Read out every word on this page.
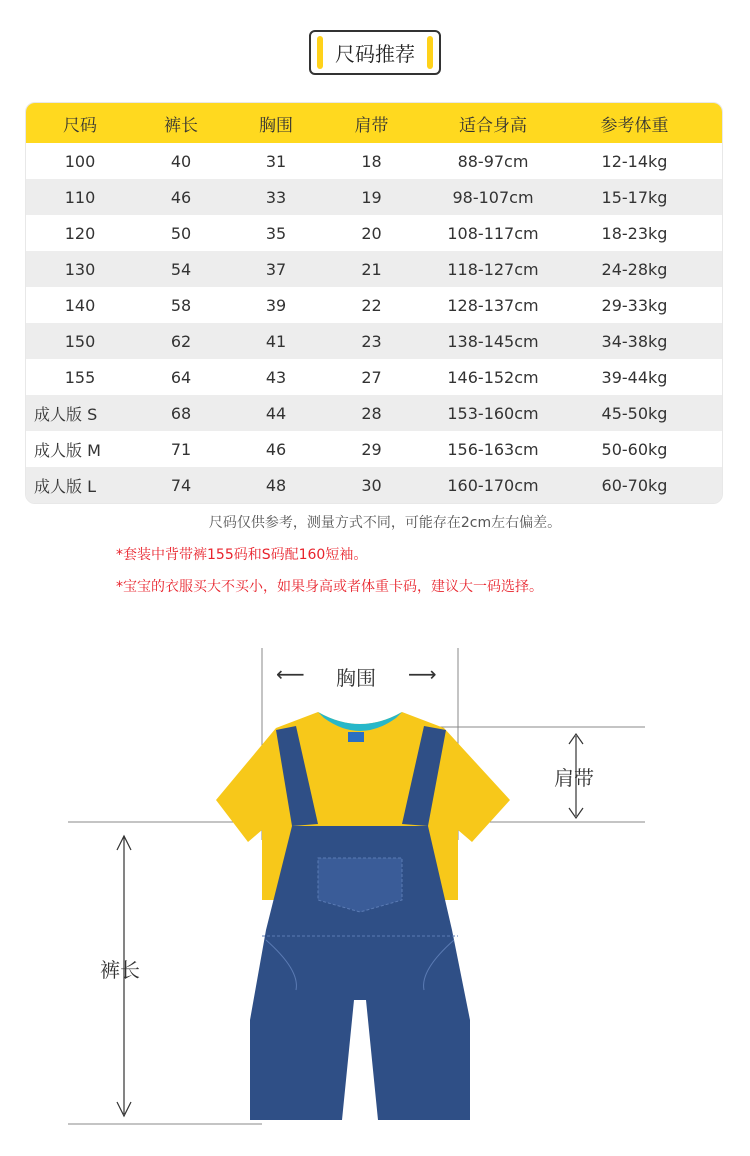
尺码推荐
尺码	裤长	胸围	肩带	适合身高	参考体重
100	40	31	18	88-97cm	12-14kg
110	46	33	19	98-107cm	15-17kg
120	50	35	20	108-117cm	18-23kg
130	54	37	21	118-127cm	24-28kg
140	58	39	22	128-137cm	29-33kg
150	62	41	23	138-145cm	34-38kg
155	64	43	27	146-152cm	39-44kg
成人版 S	68	44	28	153-160cm	45-50kg
成人版 M	71	46	29	156-163cm	50-60kg
成人版 L	74	48	30	160-170cm	60-70kg
尺码仅供参考，测量方式不同，可能存在2cm左右偏差。
*套装中背带裤155码和S码配160短袖。
*宝宝的衣服买大不买小，如果身高或者体重卡码，建议大一码选择。
⟵ 胸围 ⟶
肩带
裤长
